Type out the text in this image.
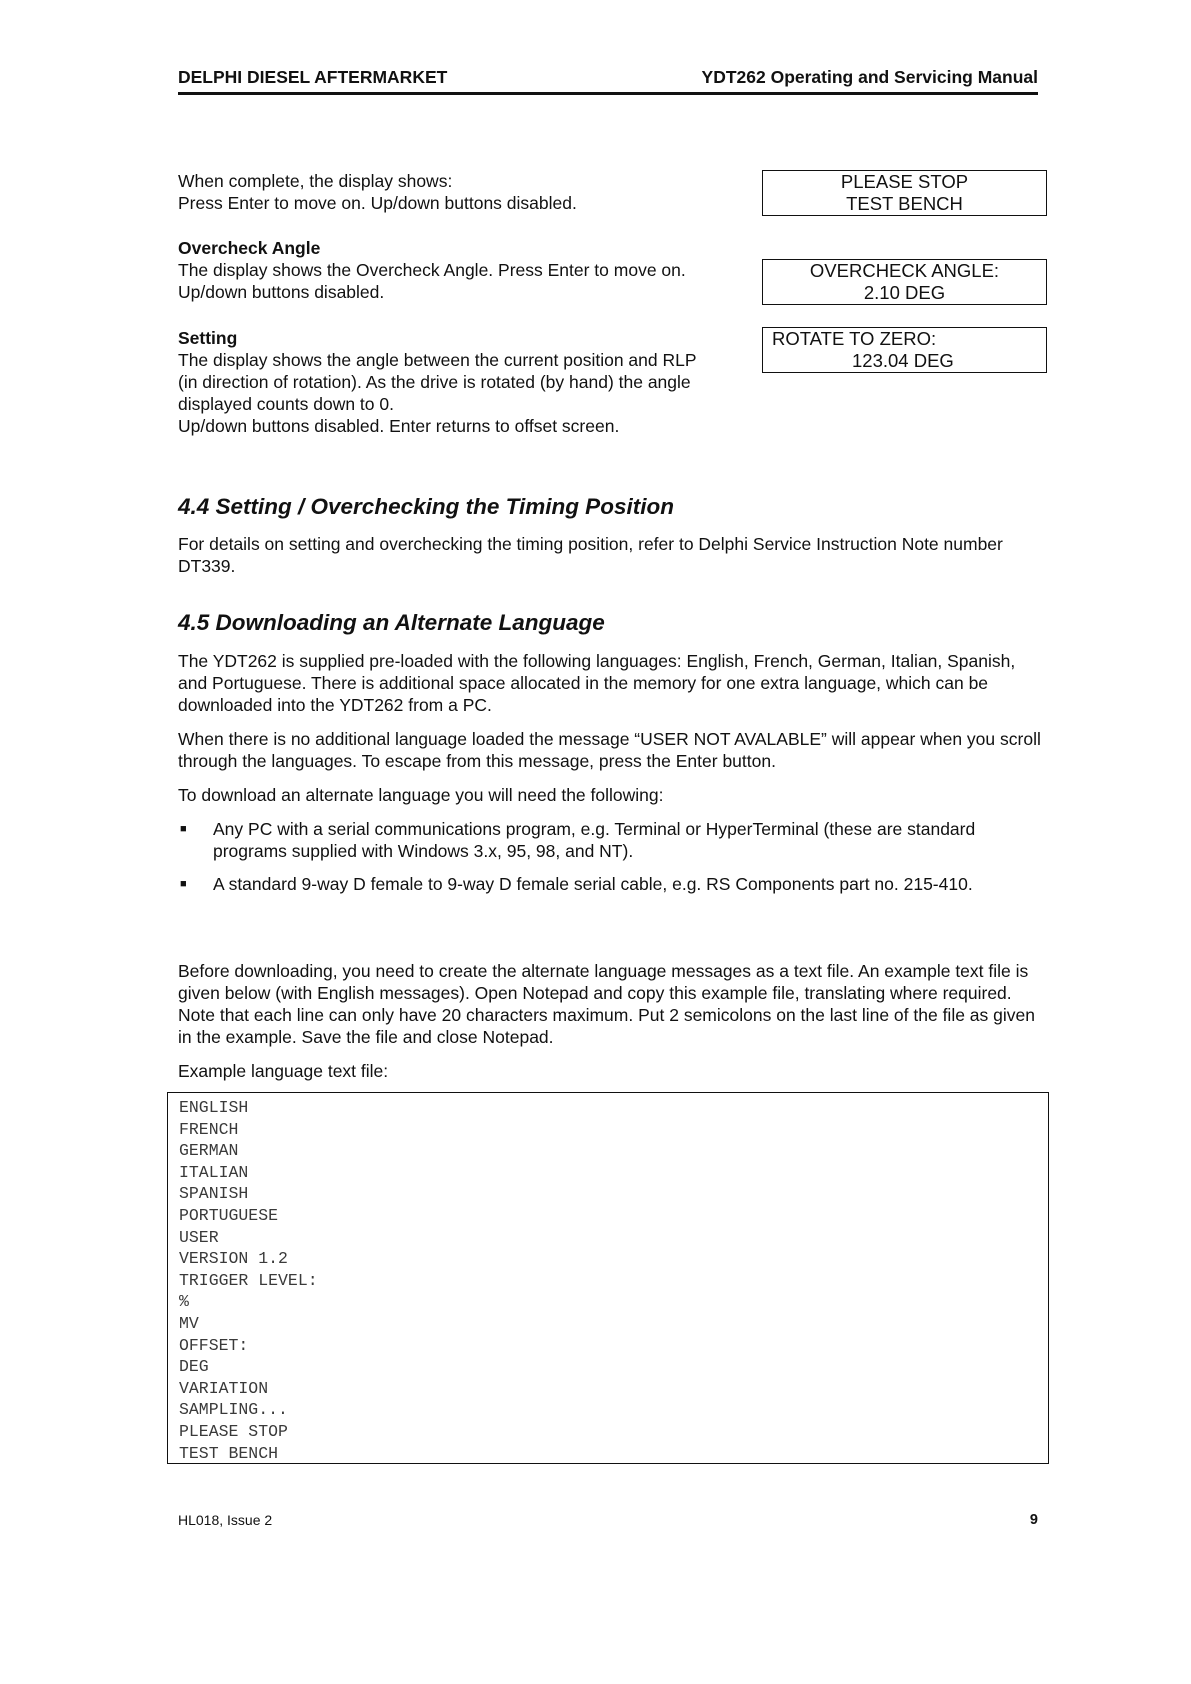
DELPHI DIESEL AFTERMARKET	YDT262 Operating and Servicing Manual

When complete, the display shows:

Press Enter to move on. Up/down buttons disabled.

Overcheck Angle

The display shows the Overcheck Angle. Press Enter to move on.

Up/down buttons disabled.

Setting

The display shows the angle between the current position and RLP

(in direction of rotation). As the drive is rotated (by hand) the angle

displayed counts down to 0.

Up/down buttons disabled. Enter returns to offset screen.

PLEASE STOP
TEST BENCH
OVERCHECK ANGLE:
2.10 DEG
ROTATE TO ZERO:
123.04 DEG
4.4 Setting / Overchecking the Timing Position

For details on setting and overchecking the timing position, refer to Delphi Service Instruction Note number DT339.

4.5 Downloading an Alternate Language

The YDT262 is supplied pre-loaded with the following languages: English, French, German, Italian, Spanish, and Portuguese. There is additional space allocated in the memory for one extra language, which can be downloaded into the YDT262 from a PC.

When there is no additional language loaded the message “USER NOT AVALABLE” will appear when you scroll through the languages. To escape from this message, press the Enter button.

To download an alternate language you will need the following:

■ Any PC with a serial communications program, e.g. Terminal or HyperTerminal (these are standard programs supplied with Windows 3.x, 95, 98, and NT).
■ A standard 9-way D female to 9-way D female serial cable, e.g. RS Components part no. 215-410.

Before downloading, you need to create the alternate language messages as a text file. An example text file is given below (with English messages). Open Notepad and copy this example file, translating where required. Note that each line can only have 20 characters maximum. Put 2 semicolons on the last line of the file as given in the example. Save the file and close Notepad.

Example language text file:

ENGLISH
FRENCH
GERMAN
ITALIAN
SPANISH
PORTUGUESE
USER
VERSION 1.2
TRIGGER LEVEL:
%
MV
OFFSET:
DEG
VARIATION
SAMPLING...
PLEASE STOP
TEST BENCH
HL018, Issue 2	9
